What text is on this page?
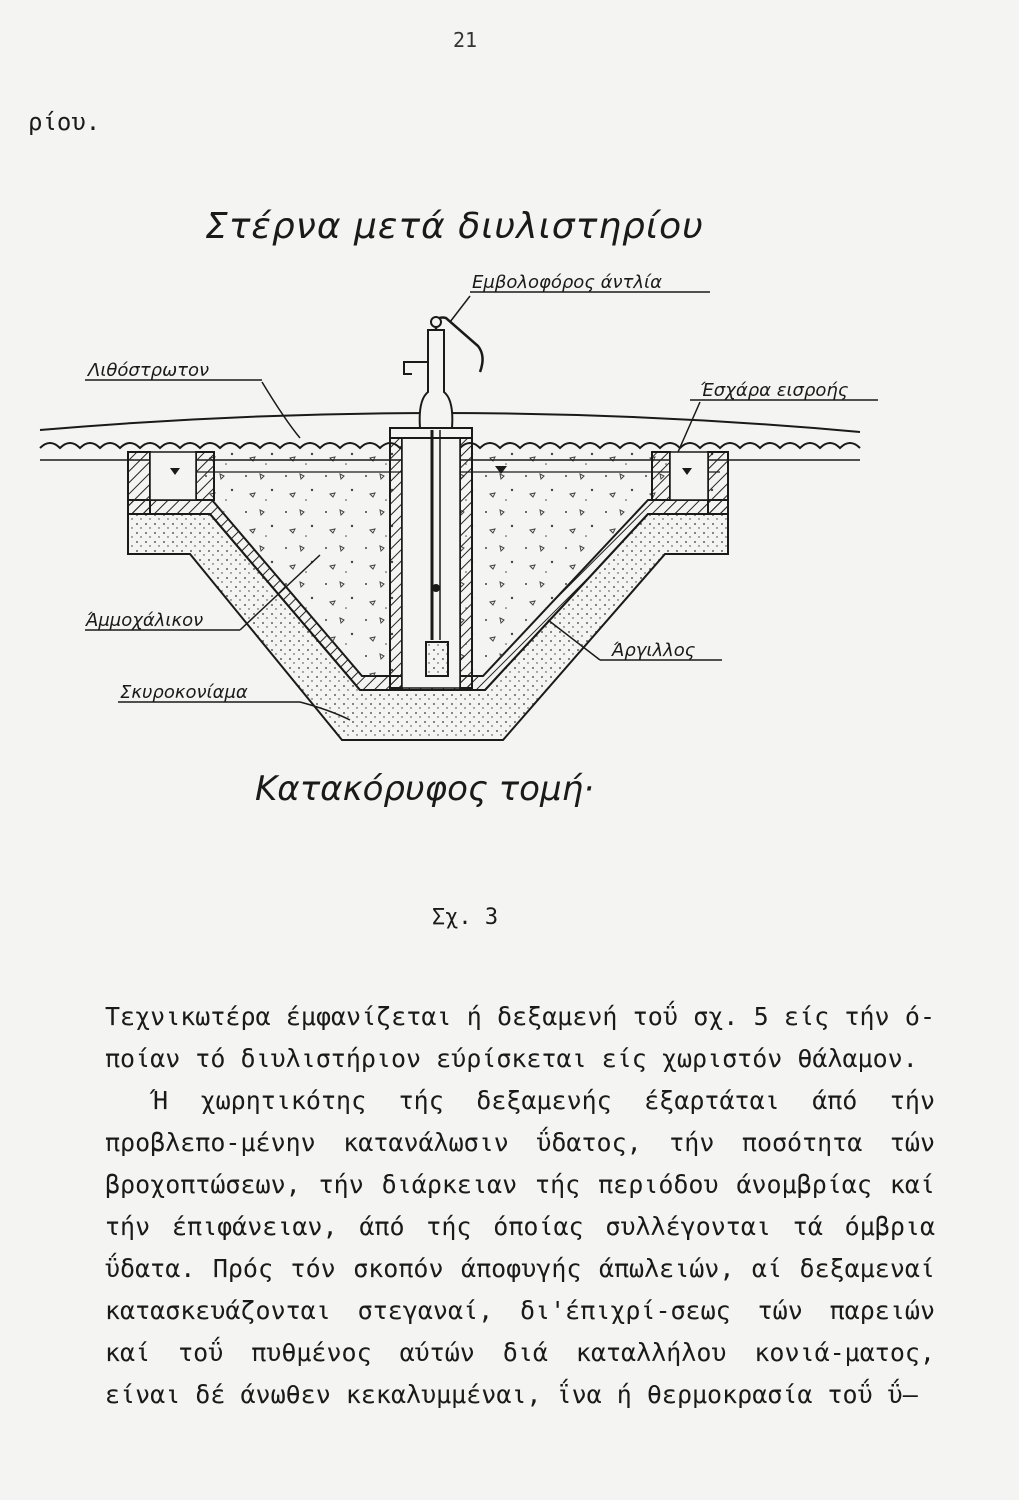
21
ρίου.
Στέρνα μετά διυλιστηρίου
Εμβολοφόρος άντλία
Λιθόστρωτον
Έσχάρα εισροής
Άμμοχάλικον
Άργιλλος
Σκυροκονίαμα
Κατακόρυφος τομή·
Σχ. 3

Τεχνικωτέρα έμφανίζεται ή δεξαμενή τοΰ σχ. 5 είς τήν ό-ποίαν τό διυλιστήριον εύρίσκεται είς χωριστόν θάλαμον.

Ή χωρητικότης τής δεξαμενής έξαρτάται άπό τήν προβλεπο-μένην κατανάλωσιν ΰδατος, τήν ποσότητα τών βροχοπτώσεων, τήν διάρκειαν τής περιόδου άνομβρίας καί τήν έπιφάνειαν, άπό τής όποίας συλλέγονται τά όμβρια ΰδατα. Πρός τόν σκοπόν άποφυγής άπωλειών, αί δεξαμεναί κατασκευάζονται στεγαναί, δι'έπιχρί-σεως τών παρειών καί τοΰ πυθμένος αύτών διά καταλλήλου κονιά-ματος, είναι δέ άνωθεν κεκαλυμμέναι, ΐνα ή θερμοκρασία τοΰ ΰ–
